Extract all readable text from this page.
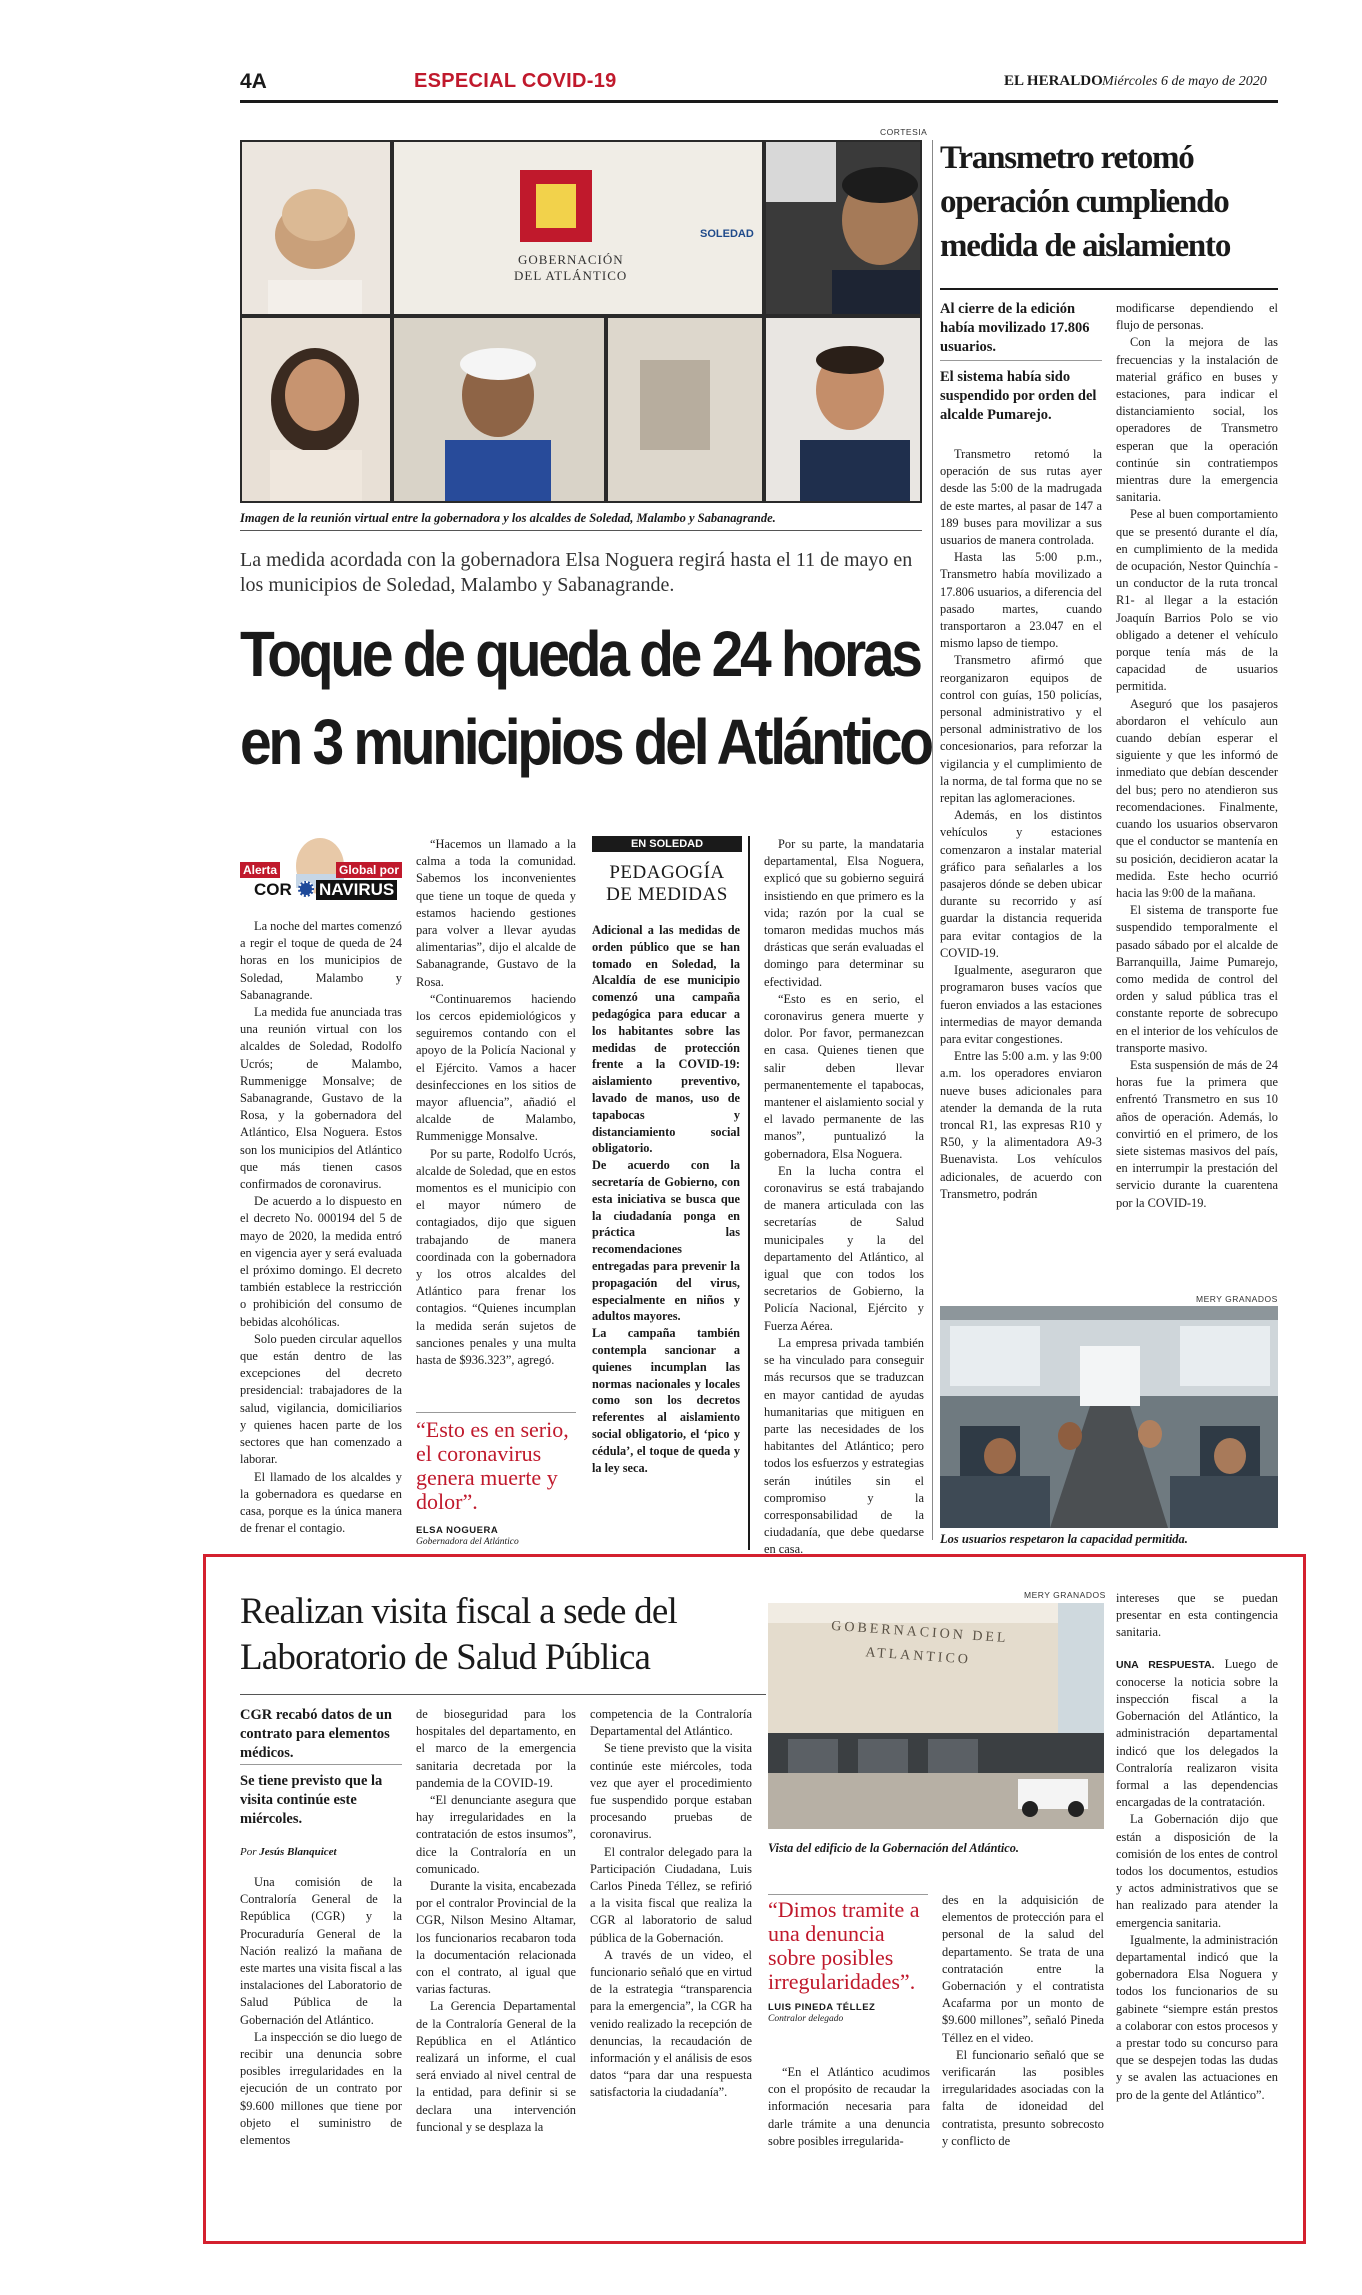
4A	ESPECIAL COVID-19	EL HERALDO Miércoles 6 de mayo de 2020
CORTESIA
GOBERNACIÓN
DEL ATLÁNTICO
SOLEDAD
Imagen de la reunión virtual entre la gobernadora y los alcaldes de Soledad, Malambo y Sabanagrande.
La medida acordada con la gobernadora Elsa Noguera regirá hasta el 11 de mayo en los municipios de Soledad, Malambo y Sabanagrande.
Toque de queda de 24 horas
en 3 municipios del Atlántico
Alerta	Global por
COR NAVIRUS

La noche del martes comenzó a regir el toque de queda de 24 horas en los municipios de Soledad, Malambo y Sabanagrande.

La medida fue anunciada tras una reunión virtual con los alcaldes de Soledad, Rodolfo Ucrós; de Malambo, Rummenigge Monsalve; de Sabanagrande, Gustavo de la Rosa, y la gobernadora del Atlántico, Elsa Noguera. Estos son los municipios del Atlántico que más tienen casos confirmados de coronavirus.

De acuerdo a lo dispuesto en el decreto No. 000194 del 5 de mayo de 2020, la medida entró en vigencia ayer y será evaluada el próximo domingo. El decreto también establece la restricción o prohibición del consumo de bebidas alcohólicas.

Solo pueden circular aquellos que están dentro de las excepciones del decreto presidencial: trabajadores de la salud, vigilancia, domiciliarios y quienes hacen parte de los sectores que han comenzado a laborar.

El llamado de los alcaldes y la gobernadora es quedarse en casa, porque es la única manera de frenar el contagio.

“Hacemos un llamado a la calma a toda la comunidad. Sabemos los inconvenientes que tiene un toque de queda y estamos haciendo gestiones para volver a llevar ayudas alimentarias”, dijo el alcalde de Sabanagrande, Gustavo de la Rosa.

“Continuaremos haciendo los cercos epidemiológicos y seguiremos contando con el apoyo de la Policía Nacional y el Ejército. Vamos a hacer desinfecciones en los sitios de mayor afluencia”, añadió el alcalde de Malambo, Rummenigge Monsalve.

Por su parte, Rodolfo Ucrós, alcalde de Soledad, que en estos momentos es el municipio con el mayor número de contagiados, dijo que siguen trabajando de manera coordinada con la gobernadora y los otros alcaldes del Atlántico para frenar los contagios. “Quienes incumplan la medida serán sujetos de sanciones penales y una multa hasta de $936.323”, agregó.

“Esto es en serio, el coronavirus genera muerte y dolor”.
ELSA NOGUERA
Gobernadora del Atlántico
EN SOLEDAD
PEDAGOGÍA
DE MEDIDAS

Adicional a las medidas de orden público que se han tomado en Soledad, la Alcaldía de ese municipio comenzó una campaña pedagógica para educar a los habitantes sobre las medidas de protección frente a la COVID-19: aislamiento preventivo, lavado de manos, uso de tapabocas y distanciamiento social obligatorio.

De acuerdo con la secretaría de Gobierno, con esta iniciativa se busca que la ciudadanía ponga en práctica las recomendaciones entregadas para prevenir la propagación del virus, especialmente en niños y adultos mayores.

La campaña también contempla sancionar a quienes incumplan las normas nacionales y locales como son los decretos referentes al aislamiento social obligatorio, el ‘pico y cédula’, el toque de queda y la ley seca.

Por su parte, la mandataria departamental, Elsa Noguera, explicó que su gobierno seguirá insistiendo en que primero es la vida; razón por la cual se tomaron medidas muchos más drásticas que serán evaluadas el domingo para determinar su efectividad.

“Esto es en serio, el coronavirus genera muerte y dolor. Por favor, permanezcan en casa. Quienes tienen que salir deben llevar permanentemente el tapabocas, mantener el aislamiento social y el lavado permanente de las manos”, puntualizó la gobernadora, Elsa Noguera.

En la lucha contra el coronavirus se está trabajando de manera articulada con las secretarías de Salud municipales y la del departamento del Atlántico, al igual que con todos los secretarios de Gobierno, la Policía Nacional, Ejército y Fuerza Aérea.

La empresa privada también se ha vinculado para conseguir más recursos que se traduzcan en mayor cantidad de ayudas humanitarias que mitiguen en parte las necesidades de los habitantes del Atlántico; pero todos los esfuerzos y estrategias serán inútiles sin el compromiso y la corresponsabilidad de la ciudadanía, que debe quedarse en casa.

Transmetro retomó
operación cumpliendo
medida de aislamiento
Al cierre de la edición había movilizado 17.806 usuarios.
El sistema había sido suspendido por orden del alcalde Pumarejo.

Transmetro retomó la operación de sus rutas ayer desde las 5:00 de la madrugada de este martes, al pasar de 147 a 189 buses para movilizar a sus usuarios de manera controlada.

Hasta las 5:00 p.m., Transmetro había movilizado a 17.806 usuarios, a diferencia del pasado martes, cuando transportaron a 23.047 en el mismo lapso de tiempo.

Transmetro afirmó que reorganizaron equipos de control con guías, 150 policías, personal administrativo y el personal administrativo de los concesionarios, para reforzar la vigilancia y el cumplimiento de la norma, de tal forma que no se repitan las aglomeraciones.

Además, en los distintos vehículos y estaciones comenzaron a instalar material gráfico para señalarles a los pasajeros dónde se deben ubicar durante su recorrido y así guardar la distancia requerida para evitar contagios de la COVID-19.

Igualmente, aseguraron que programaron buses vacíos que fueron enviados a las estaciones intermedias de mayor demanda para evitar congestiones.

Entre las 5:00 a.m. y las 9:00 a.m. los operadores enviaron nueve buses adicionales para atender la demanda de la ruta troncal R1, las expresas R10 y R50, y la alimentadora A9-3 Buenavista. Los vehículos adicionales, de acuerdo con Transmetro, podrán

modificarse dependiendo el flujo de personas.

Con la mejora de las frecuencias y la instalación de material gráfico en buses y estaciones, para indicar el distanciamiento social, los operadores de Transmetro esperan que la operación continúe sin contratiempos mientras dure la emergencia sanitaria.

Pese al buen comportamiento que se presentó durante el día, en cumplimiento de la medida de ocupación, Nestor Quinchía -un conductor de la ruta troncal R1- al llegar a la estación Joaquín Barrios Polo se vio obligado a detener el vehículo porque tenía más de la capacidad de usuarios permitida.

Aseguró que los pasajeros abordaron el vehículo aun cuando debían esperar el siguiente y que les informó de inmediato que debían descender del bus; pero no atendieron sus recomendaciones. Finalmente, cuando los usuarios observaron que el conductor se mantenía en su posición, decidieron acatar la medida. Este hecho ocurrió hacia las 9:00 de la mañana.

El sistema de transporte fue suspendido temporalmente el pasado sábado por el alcalde de Barranquilla, Jaime Pumarejo, como medida de control del orden y salud pública tras el constante reporte de sobrecupo en el interior de los vehículos de transporte masivo.

Esta suspensión de más de 24 horas fue la primera que enfrentó Transmetro en sus 10 años de operación. Además, lo convirtió en el primero, de los siete sistemas masivos del país, en interrumpir la prestación del servicio durante la cuarentena por la COVID-19.

MERY GRANADOS
Los usuarios respetaron la capacidad permitida.
Realizan visita fiscal a sede del
Laboratorio de Salud Pública
CGR recabó datos de un contrato para elementos médicos.
Se tiene previsto que la visita continúe este miércoles.
Por Jesús Blanquicet

Una comisión de la Contraloría General de la República (CGR) y la Procuraduría General de la Nación realizó la mañana de este martes una visita fiscal a las instalaciones del Laboratorio de Salud Pública de la Gobernación del Atlántico.

La inspección se dio luego de recibir una denuncia sobre posibles irregularidades en la ejecución de un contrato por $9.600 millones que tiene por objeto el suministro de elementos

de bioseguridad para los hospitales del departamento, en el marco de la emergencia sanitaria decretada por la pandemia de la COVID-19.

“El denunciante asegura que hay irregularidades en la contratación de estos insumos”, dice la Contraloría en un comunicado.

Durante la visita, encabezada por el contralor Provincial de la CGR, Nilson Mesino Altamar, los funcionarios recabaron toda la documentación relacionada con el contrato, al igual que varias facturas.

La Gerencia Departamental de la Contraloría General de la República en el Atlántico realizará un informe, el cual será enviado al nivel central de la entidad, para definir si se declara una intervención funcional y se desplaza la

competencia de la Contraloría Departamental del Atlántico.

Se tiene previsto que la visita continúe este miércoles, toda vez que ayer el procedimiento fue suspendido porque estaban procesando pruebas de coronavirus.

El contralor delegado para la Participación Ciudadana, Luis Carlos Pineda Téllez, se refirió a la visita fiscal que realiza la CGR al laboratorio de salud pública de la Gobernación.

A través de un video, el funcionario señaló que en virtud de la estrategia “transparencia para la emergencia”, la CGR ha venido realizado la recepción de denuncias, la recaudación de información y el análisis de esos datos “para dar una respuesta satisfactoria la ciudadanía”.

MERY GRANADOS
GOBERNACION DEL ATLANTICO
Vista del edificio de la Gobernación del Atlántico.
“Dimos tramite a una denuncia sobre posibles irregularidades”.
LUIS PINEDA TÉLLEZ
Contralor delegado

“En el Atlántico acudimos con el propósito de recaudar la información necesaria para darle trámite a una denuncia sobre posibles irregularida-

des en la adquisición de elementos de protección para el personal de la salud del departamento. Se trata de una contratación entre la Gobernación y el contratista Acafarma por un monto de $9.600 millones”, señaló Pineda Téllez en el video.

El funcionario señaló que se verificarán las posibles irregularidades asociadas con la falta de idoneidad del contratista, presunto sobrecosto y conflicto de

intereses que se puedan presentar en esta contingencia sanitaria.

UNA RESPUESTA. Luego de conocerse la noticia sobre la inspección fiscal a la Gobernación del Atlántico, la administración departamental indicó que los delegados la Contraloría realizaron visita formal a las dependencias encargadas de la contratación.

La Gobernación dijo que están a disposición de la comisión de los entes de control todos los documentos, estudios y actos administrativos que se han realizado para atender la emergencia sanitaria.

Igualmente, la administración departamental indicó que la gobernadora Elsa Noguera y todos los funcionarios de su gabinete “siempre están prestos a colaborar con estos procesos y a prestar todo su concurso para que se despejen todas las dudas y se avalen las actuaciones en pro de la gente del Atlántico”.
